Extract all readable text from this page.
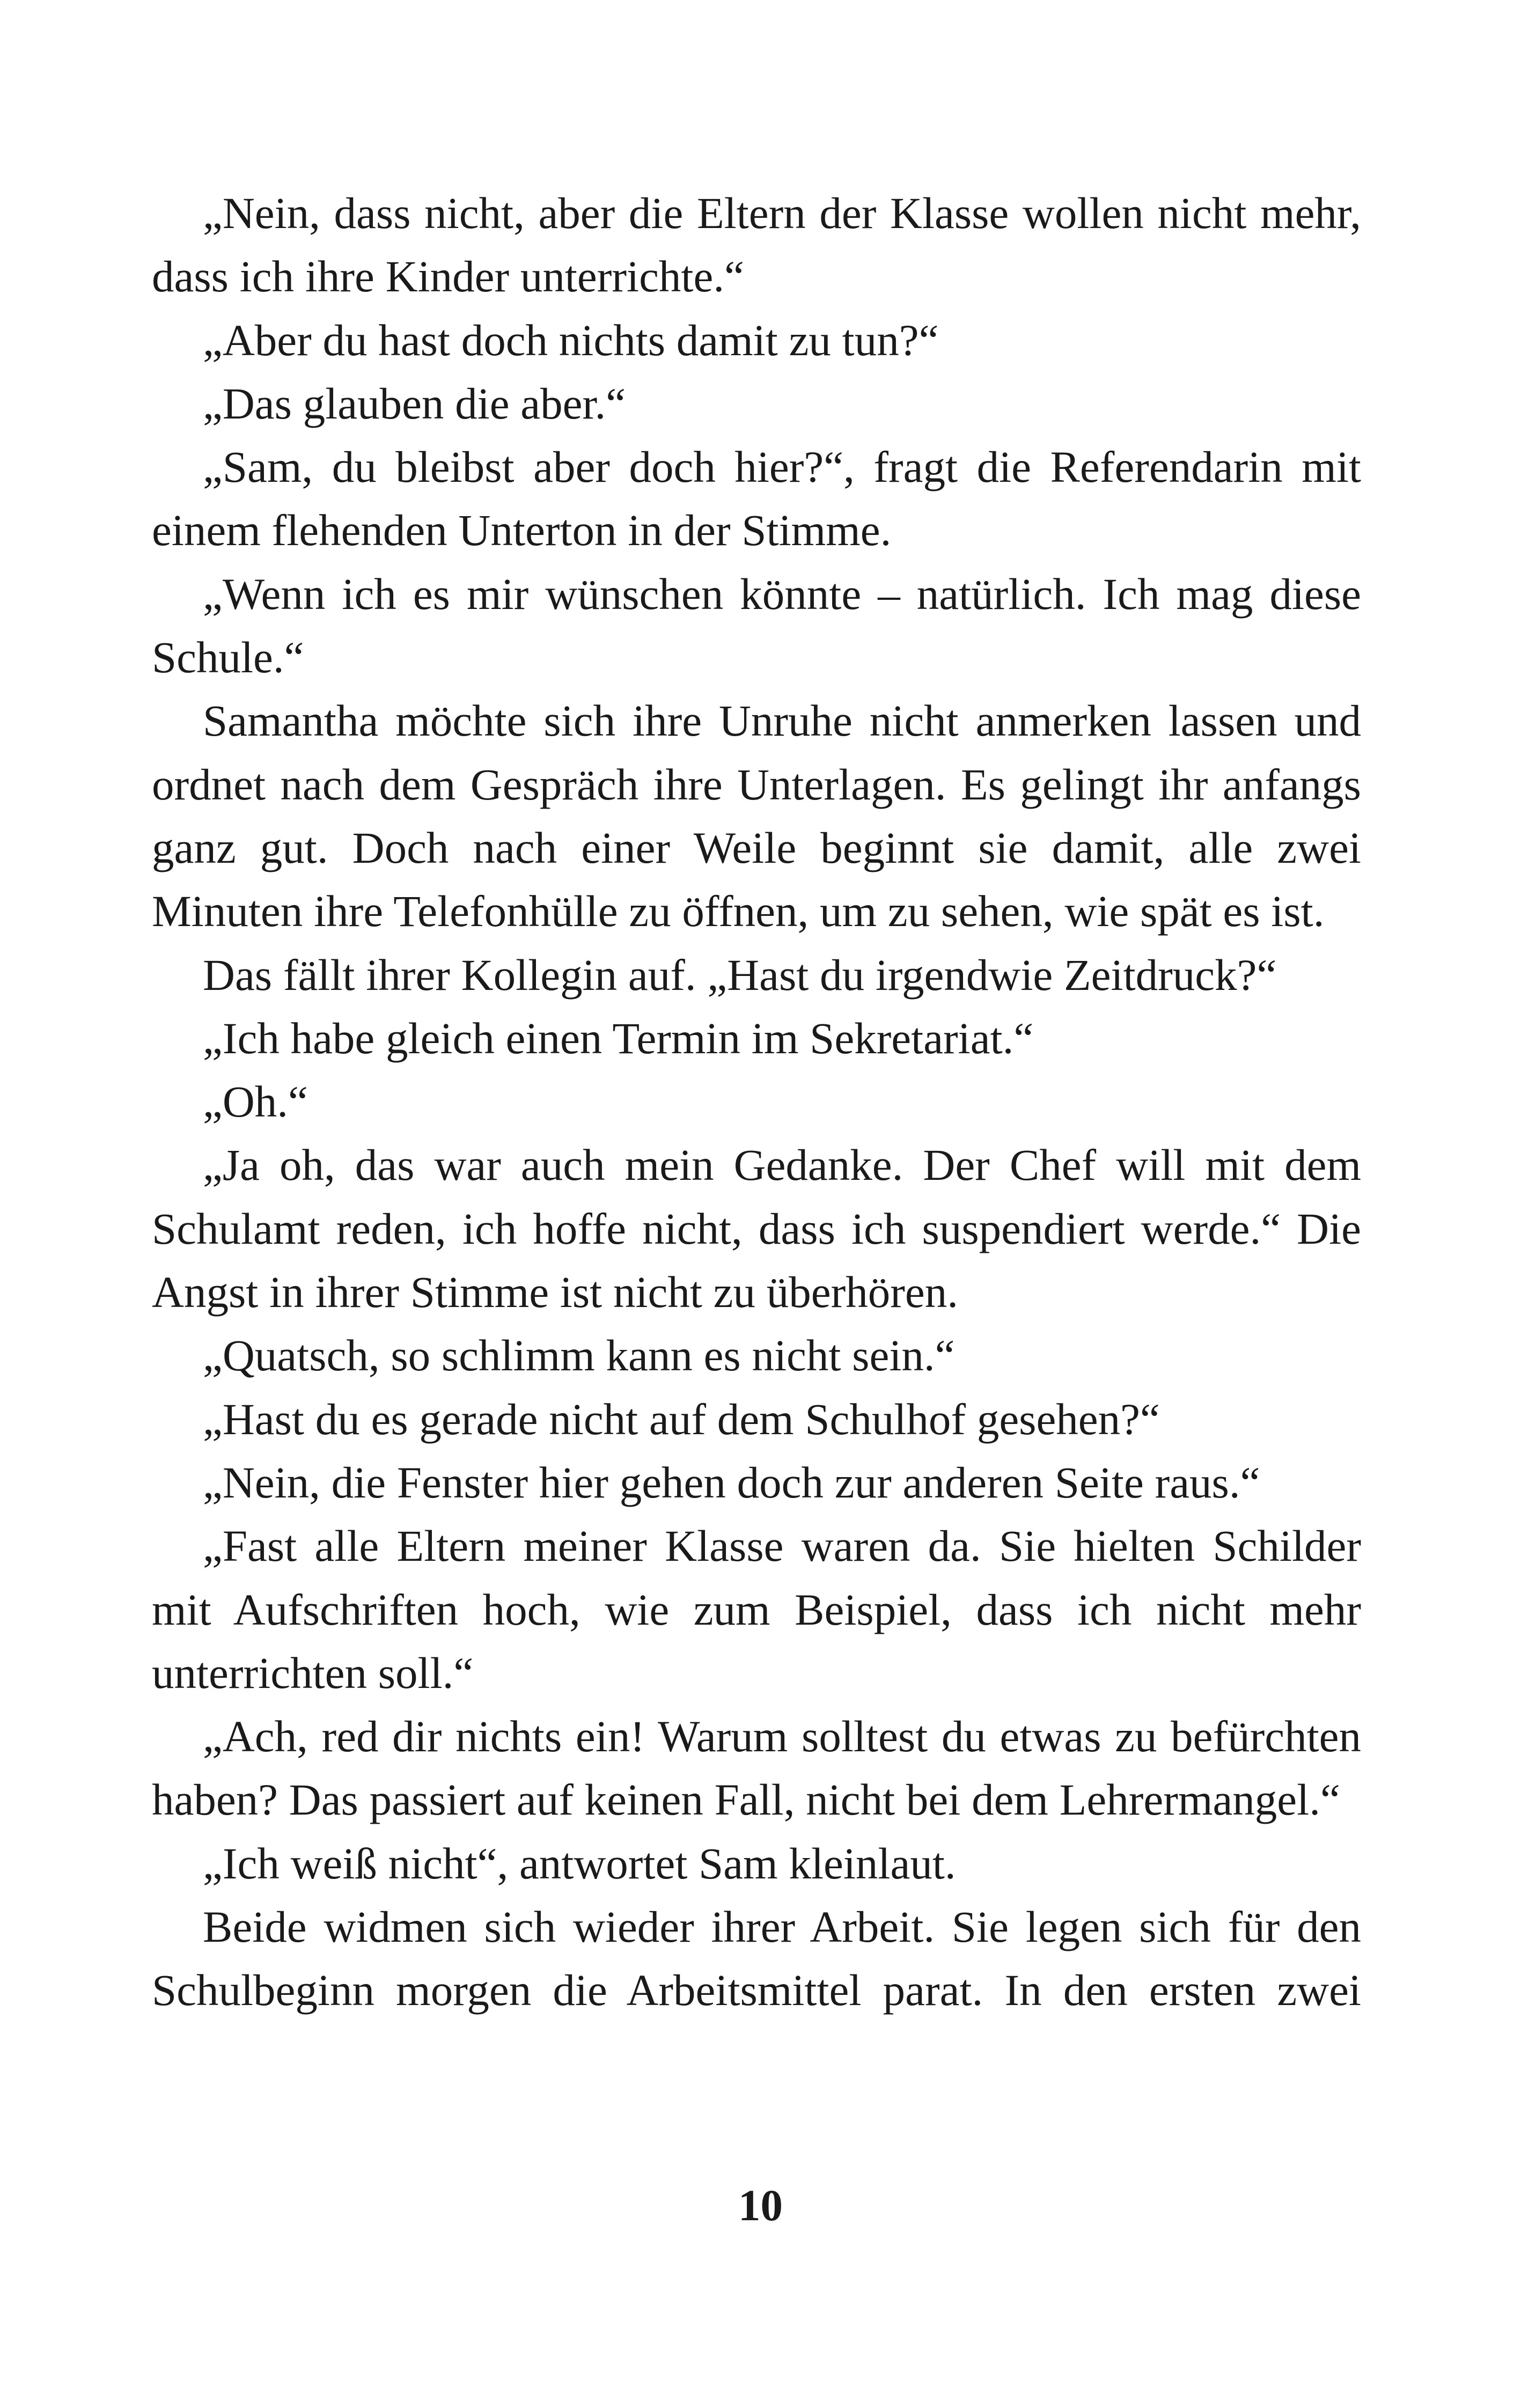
„Nein, dass nicht, aber die Eltern der Klasse wollen nicht mehr, dass ich ihre Kinder unterrichte.“

„Aber du hast doch nichts damit zu tun?“

„Das glauben die aber.“

„Sam, du bleibst aber doch hier?“, fragt die Referendarin mit einem flehenden Unterton in der Stimme.

„Wenn ich es mir wünschen könnte – natürlich. Ich mag diese Schule.“

Samantha möchte sich ihre Unruhe nicht anmerken lassen und ordnet nach dem Gespräch ihre Unterlagen. Es gelingt ihr anfangs ganz gut. Doch nach einer Weile beginnt sie damit, alle zwei Minuten ihre Telefonhülle zu öffnen, um zu sehen, wie spät es ist.

Das fällt ihrer Kollegin auf. „Hast du irgendwie Zeitdruck?“

„Ich habe gleich einen Termin im Sekretariat.“

„Oh.“

„Ja oh, das war auch mein Gedanke. Der Chef will mit dem Schulamt reden, ich hoffe nicht, dass ich suspendiert werde.“ Die Angst in ihrer Stimme ist nicht zu überhören.

„Quatsch, so schlimm kann es nicht sein.“

„Hast du es gerade nicht auf dem Schulhof gesehen?“

„Nein, die Fenster hier gehen doch zur anderen Seite raus.“

„Fast alle Eltern meiner Klasse waren da. Sie hielten Schilder mit Aufschriften hoch, wie zum Beispiel, dass ich nicht mehr unterrichten soll.“

„Ach, red dir nichts ein! Warum solltest du etwas zu befürchten haben? Das passiert auf keinen Fall, nicht bei dem Lehrermangel.“

„Ich weiß nicht“, antwortet Sam kleinlaut.

Beide widmen sich wieder ihrer Arbeit. Sie legen sich für den Schulbeginn morgen die Arbeitsmittel parat. In den ersten zwei

10
